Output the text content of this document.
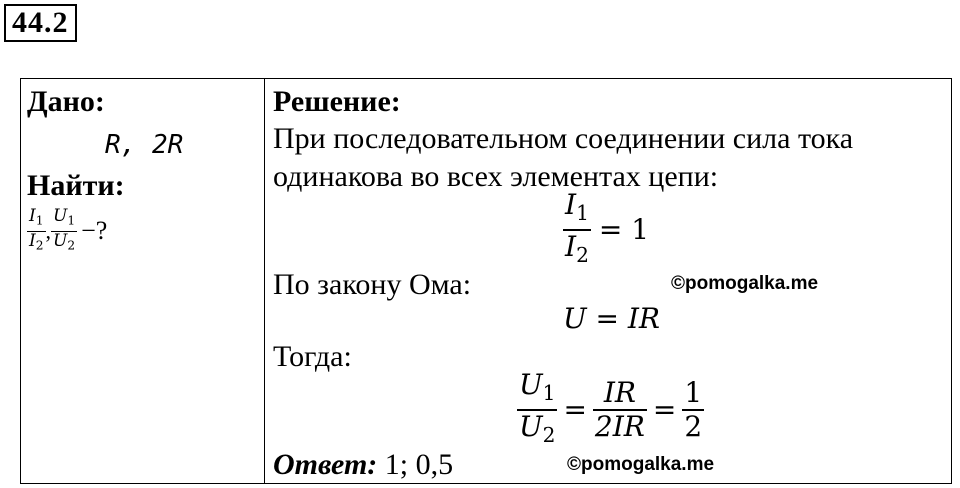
44.2
Дано:
R, 2R
Найти:
$\frac{I_1}{I_2}$ , $\frac{U_1}{U_2}$ −?
Решение:
При последовательном соединении сила тока
одинакова во всех элементах цепи:
$\frac{I_1}{I_2} = 1$
По закону Ома:
U = IR
Тогда:
$\frac{U_1}{U_2} = \frac{IR}{2IR} = \frac{1}{2}$
Ответ: 1; 0,5
©pomogalka.me
©pomogalka.me
